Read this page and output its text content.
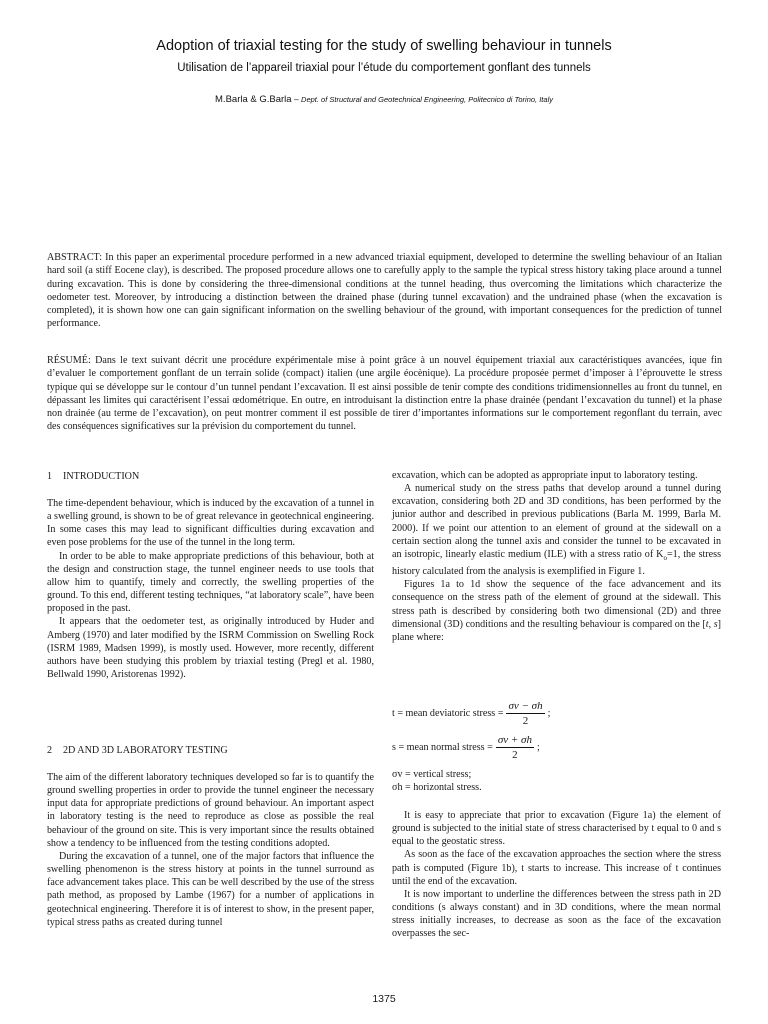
Adoption of triaxial testing for the study of swelling behaviour in tunnels
Utilisation de l’appareil triaxial pour l’étude du comportement gonflant des tunnels
M.Barla & G.Barla – Dept. of Structural and Geotechnical Engineering, Politecnico di Torino, Italy

ABSTRACT: In this paper an experimental procedure performed in a new advanced triaxial equipment, developed to determine the swelling behaviour of an Italian hard soil (a stiff Eocene clay), is described. The proposed procedure allows one to carefully apply to the sample the typical stress history taking place around a tunnel during excavation. This is done by considering the three-dimensional conditions at the tunnel heading, thus overcoming the limitations which characterize the oedometer test. Moreover, by introducing a distinction between the drained phase (during tunnel excavation) and the undrained phase (when the excavation is completed), it is shown how one can gain significant information on the swelling behaviour of the ground, with important consequences for the prediction of tunnel performance.

RÉSUMÉ: Dans le text suivant décrit une procédure expérimentale mise à point grâce à un nouvel équipement triaxial aux caractéristiques avancées, ique fin d’evaluer le comportement gonflant de un terrain solide (compact) italien (une argile éocènique). La procédure proposée permet d’imposer à l’éprouvette le stress typique qui se développe sur le contour d’un tunnel pendant l’excavation. Il est ainsi possible de tenir compte des conditions tridimensionnelles au front du tunnel, en dépassant les limites qui caractérisent l’essai œdométrique. En outre, en introduisant la distinction entre la phase drainée (pendant l’excavation du tunnel) et la phase non drainée (au terme de l’excavation), on peut montrer comment il est possible de tirer d’importantes informations sur le comportement regonflant du terrain, avec des conséquences significatives sur la prévision du comportement du tunnel.

1 INTRODUCTION

The time-dependent behaviour, which is induced by the excavation of a tunnel in a swelling ground, is shown to be of great relevance in geotechnical engineering. In some cases this may lead to significant difficulties during excavation and even pose problems for the use of the tunnel in the long term.

In order to be able to make appropriate predictions of this behaviour, both at the design and construction stage, the tunnel engineer needs to use tools that allow him to quantify, timely and correctly, the swelling properties of the ground. To this end, different testing techniques, “at laboratory scale”, have been proposed in the past.

It appears that the oedometer test, as originally introduced by Huder and Amberg (1970) and later modified by the ISRM Commission on Swelling Rock (ISRM 1989, Madsen 1999), is mostly used. However, more recently, different authors have been studying this problem by triaxial testing (Pregl et al. 1980, Bellwald 1990, Aristorenas 1992).

2 2D AND 3D LABORATORY TESTING

The aim of the different laboratory techniques developed so far is to quantify the ground swelling properties in order to provide the tunnel engineer the necessary input data for appropriate predictions of ground behaviour. An important aspect in laboratory testing is the need to reproduce as close as possible the real behaviour of the ground on site. This is very important since the results obtained show a tendency to be influenced from the testing conditions adopted.

During the excavation of a tunnel, one of the major factors that influence the swelling phenomenon is the stress history at points in the tunnel surround as face advancement takes place. This can be well described by the use of the stress path method, as proposed by Lambe (1967) for a number of applications in geotechnical engineering. Therefore it is of interest to show, in the present paper, typical stress paths as created during tunnel

excavation, which can be adopted as appropriate input to laboratory testing.

A numerical study on the stress paths that develop around a tunnel during excavation, considering both 2D and 3D conditions, has been performed by the junior author and described in previous publications (Barla M. 1999, Barla M. 2000). If we point our attention to an element of ground at the sidewall on a certain section along the tunnel axis and consider the tunnel to be excavated in an isotropic, linearly elastic medium (ILE) with a stress ratio of $K_o=1$, the stress history calculated from the analysis is exemplified in Figure 1.

Figures 1a to 1d show the sequence of the face advancement and its consequence on the stress path of the element of ground at the sidewall. This stress path is described by considering both two dimensional (2D) and three dimensional (3D) conditions and the resulting behaviour is compared on the [t, s] plane where:

t = mean deviatoric stress = $\frac{\sigma v - \sigma h}{2}$ ;
s = mean normal stress = $\frac{\sigma v + \sigma h}{2}$ ;

σv = vertical stress;

σh = horizontal stress.

It is easy to appreciate that prior to excavation (Figure 1a) the element of ground is subjected to the initial state of stress characterised by t equal to 0 and s equal to the geostatic stress.

As soon as the face of the excavation approaches the section where the stress path is computed (Figure 1b), t starts to increase. This increase of t continues until the end of the excavation.

It is now important to underline the differences between the stress path in 2D conditions (s always constant) and in 3D conditions, where the mean normal stress initially increases, to decrease as soon as the face of the excavation overpasses the sec-

1375
